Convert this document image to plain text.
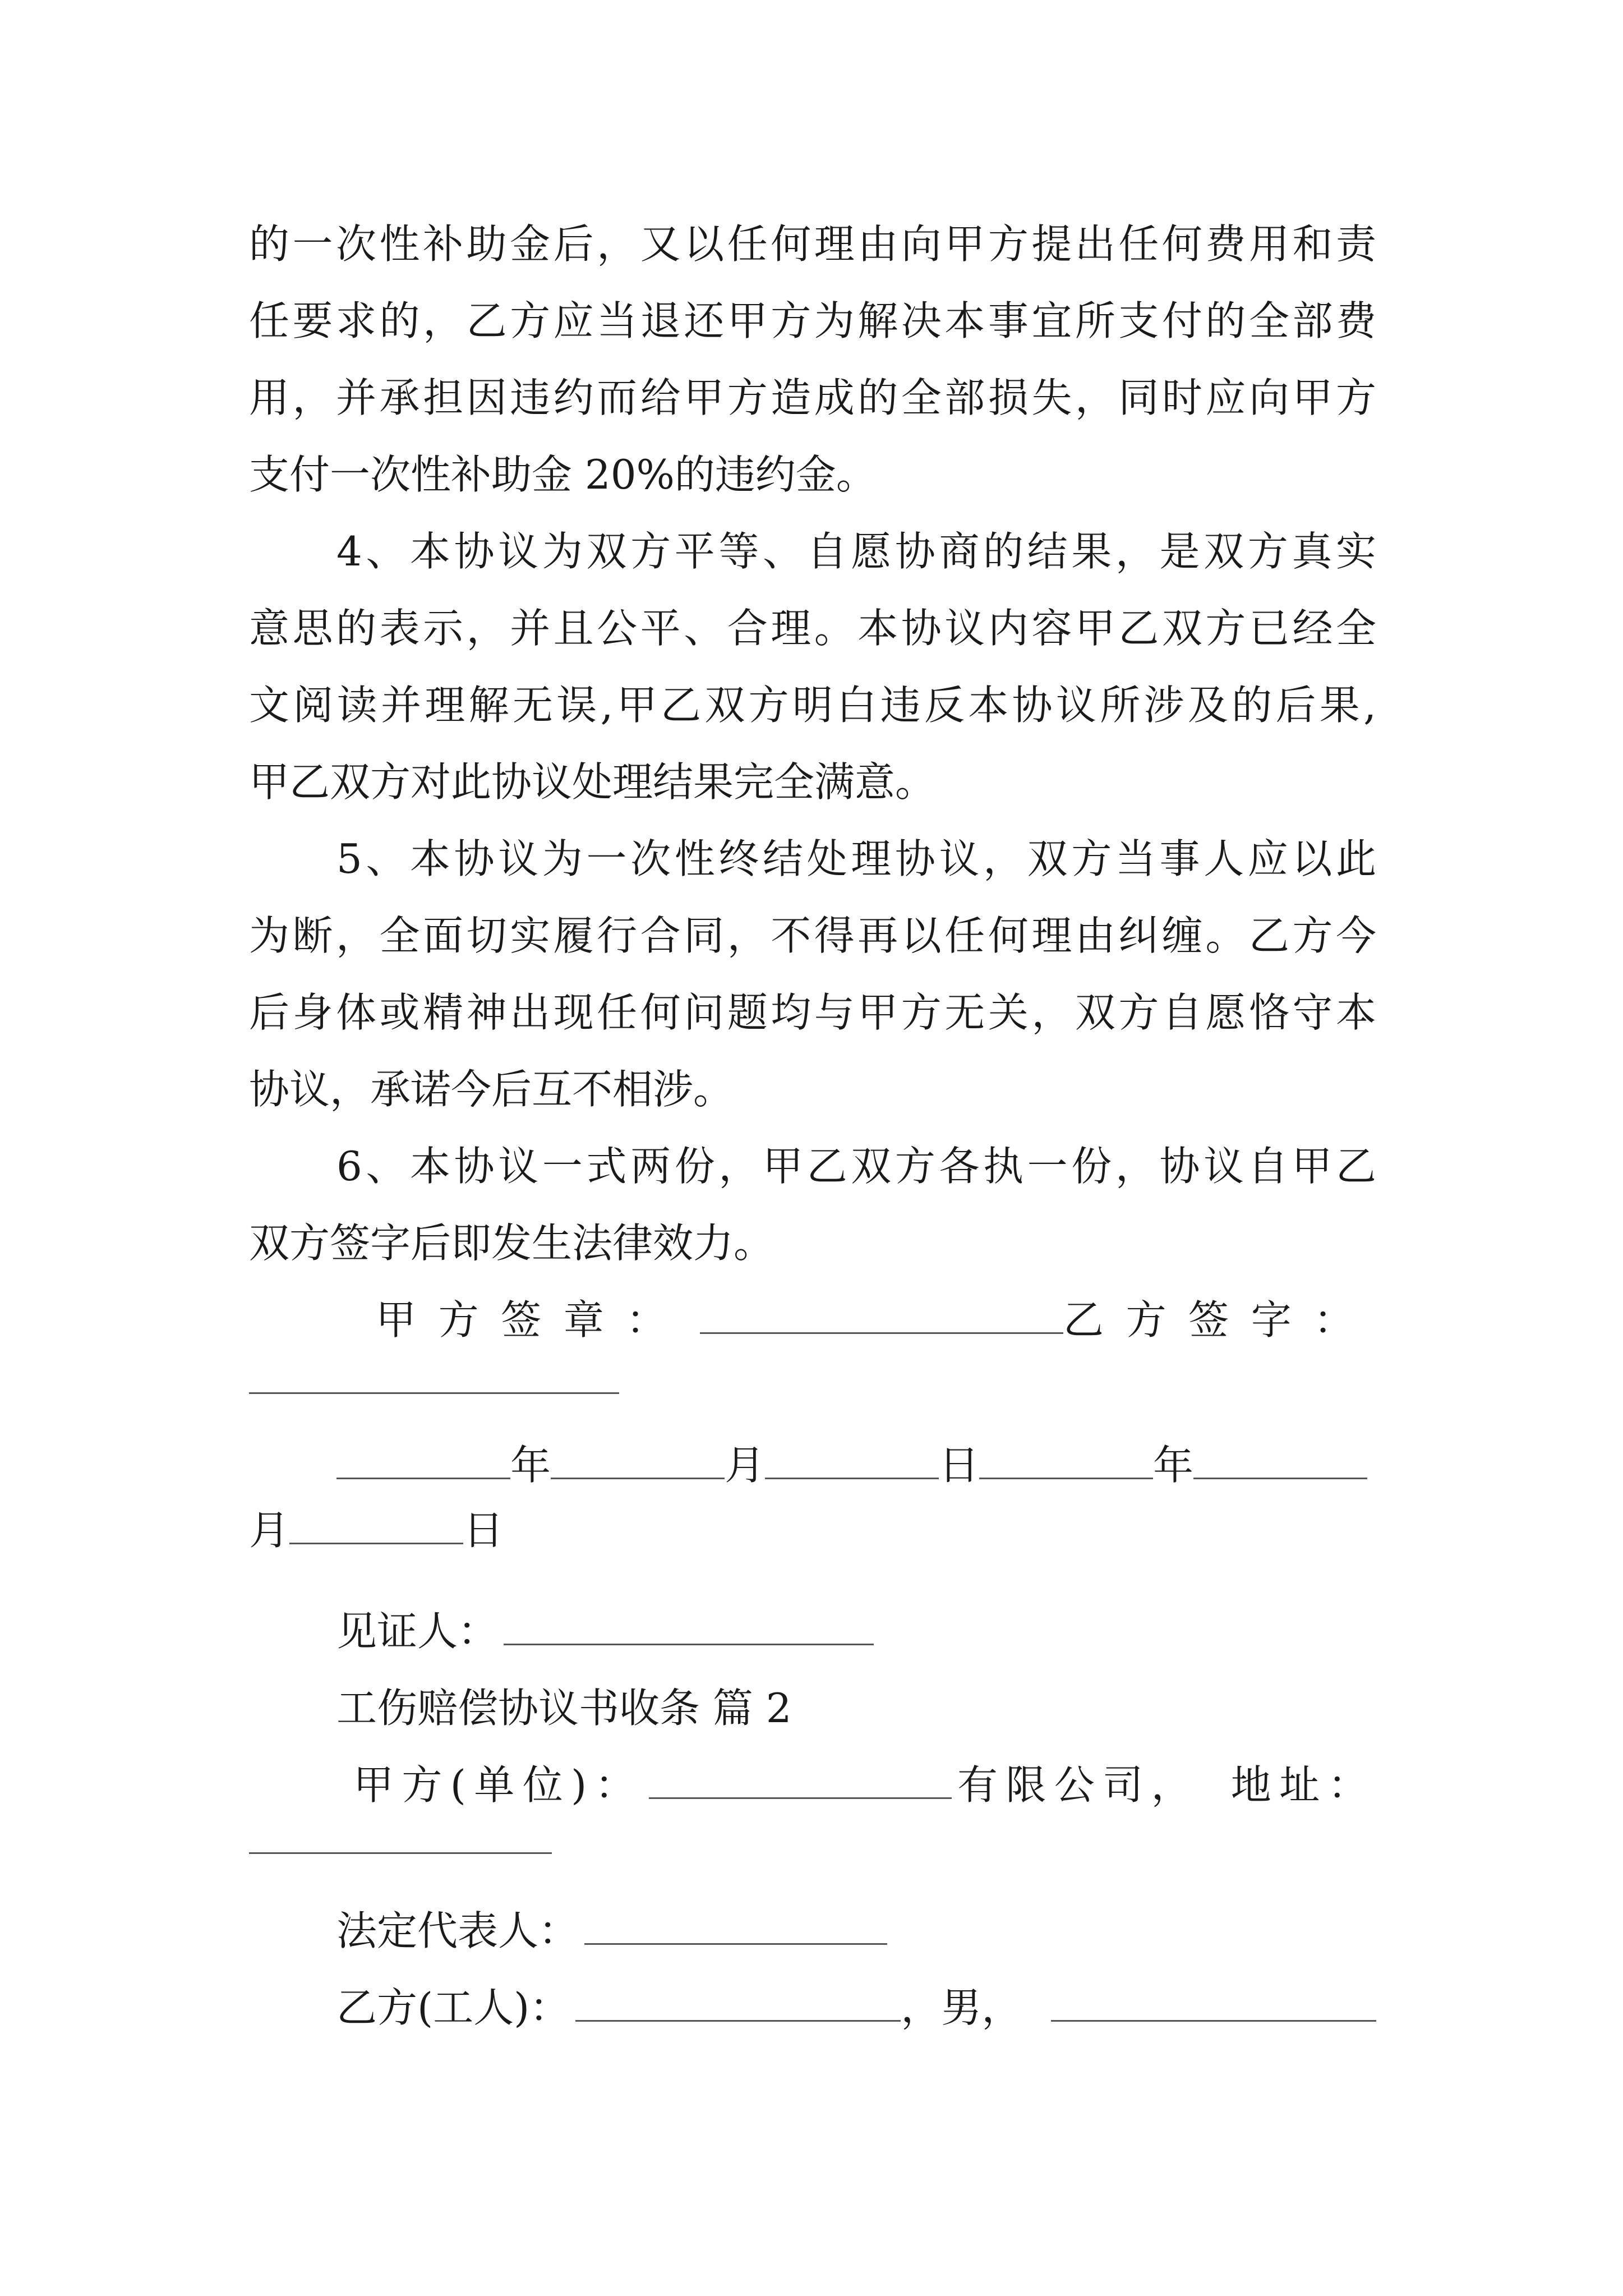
的一次性补助金后，又以任何理由向甲方提出任何费用和责
任要求的，乙方应当退还甲方为解决本事宜所支付的全部费
用，并承担因违约而给甲方造成的全部损失，同时应向甲方
支付一次性补助金 20%的违约金。
4、本协议为双方平等、自愿协商的结果，是双方真实
意思的表示，并且公平、合理。本协议内容甲乙双方已经全
文阅读并理解无误,甲乙双方明白违反本协议所涉及的后果,
甲乙双方对此协议处理结果完全满意。
5、本协议为一次性终结处理协议，双方当事人应以此
为断，全面切实履行合同，不得再以任何理由纠缠。乙方今
后身体或精神出现任何问题均与甲方无关，双方自愿恪守本
协议，承诺今后互不相涉。
6、本协议一式两份，甲乙双方各执一份，协议自甲乙
双方签字后即发生法律效力。
甲方签章：	乙方签字：
年	月	日	年
月	日
见证人：
工伤赔偿协议书收条 篇 2
甲方(单位)：	有限公司， 地址：
法定代表人：
乙方(工人)：	，男，
